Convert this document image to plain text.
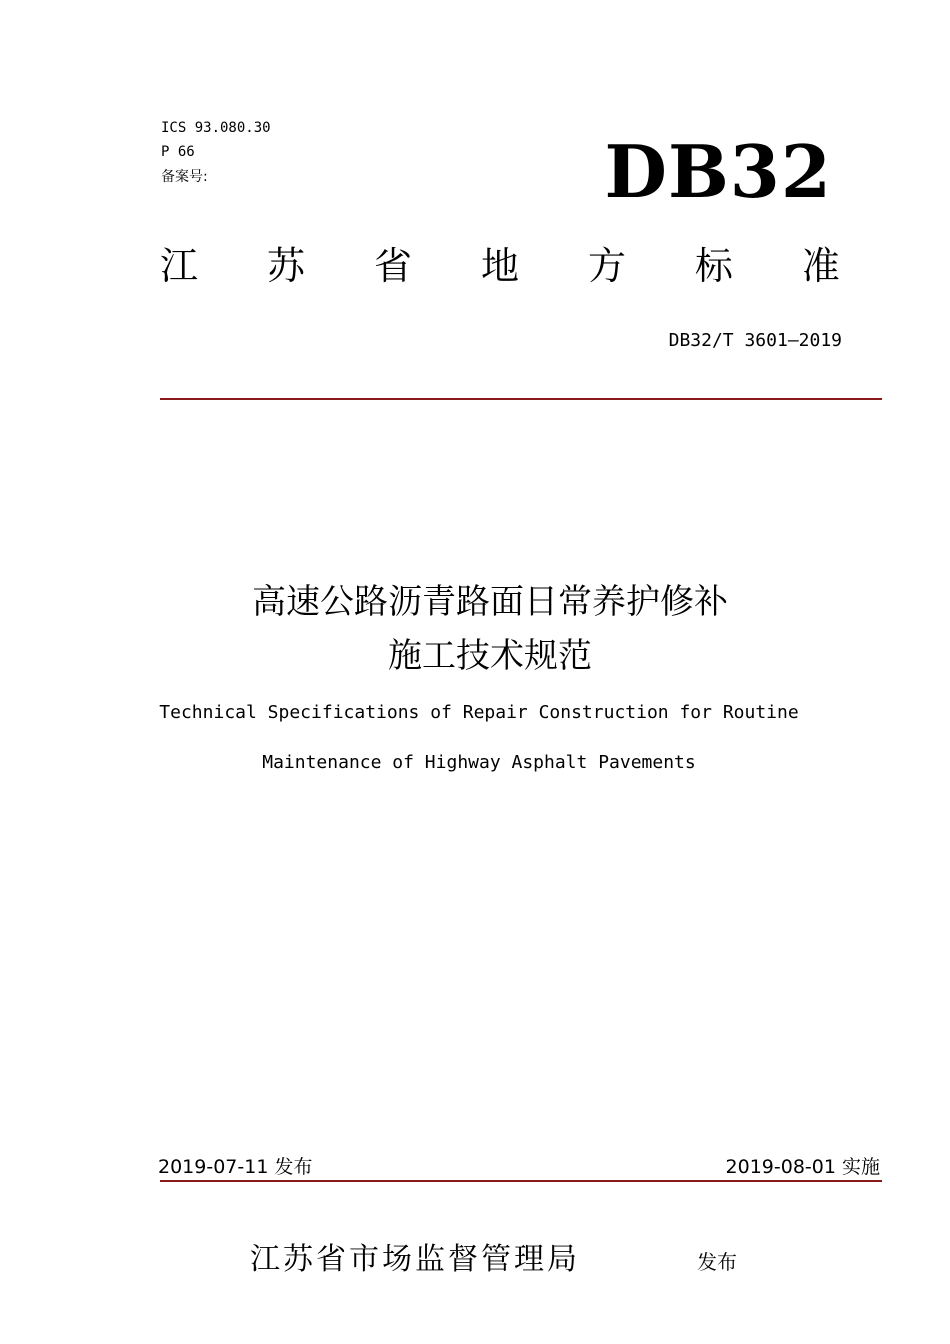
ICS 93.080.30
P 66
备案号:	DB32
江 苏 省 地 方 标 准
DB32/T 3601—2019
高速公路沥青路面日常养护修补
施工技术规范
Technical Specifications of Repair Construction for Routine
Maintenance of Highway Asphalt Pavements
2019-07-11 发布	2019-08-01 实施
江苏省市场监督管理局	发布
